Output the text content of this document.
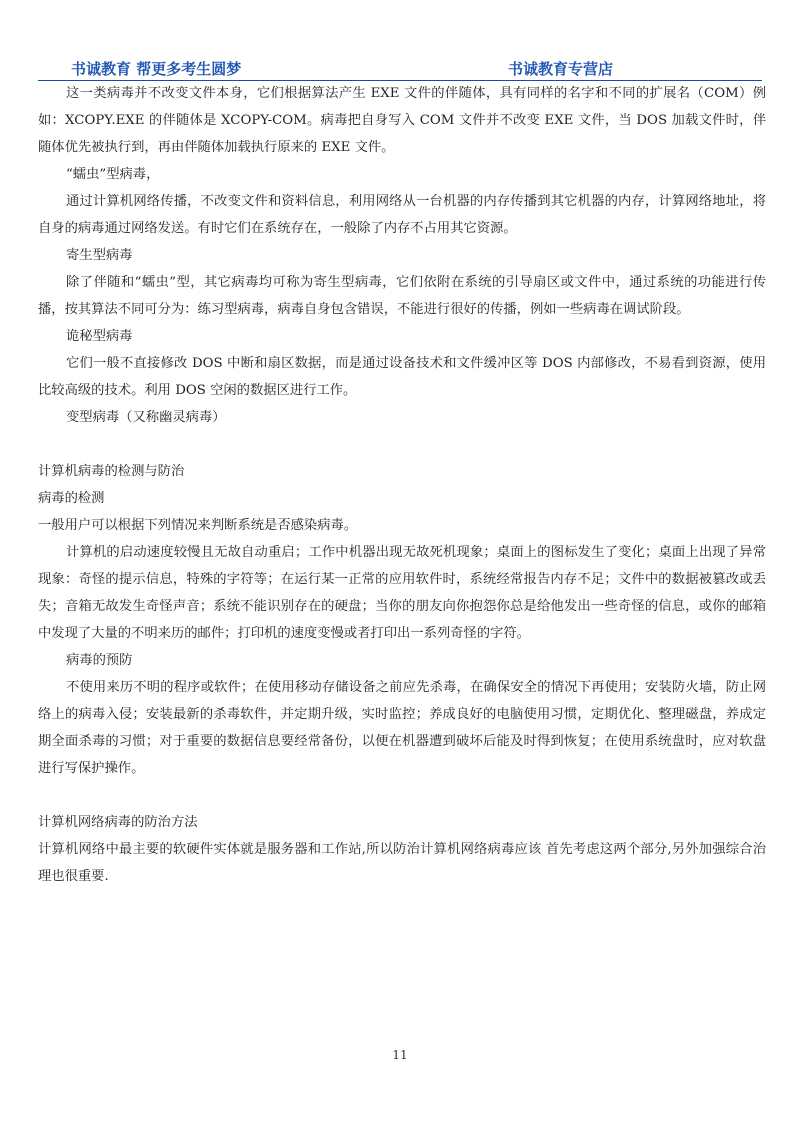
书诚教育 帮更多考生圆梦	书诚教育专营店

这一类病毒并不改变文件本身，它们根据算法产生 EXE 文件的伴随体，具有同样的名字和不同的扩展名（COM）例如：XCOPY.EXE 的伴随体是 XCOPY-COM。病毒把自身写入 COM 文件并不改变 EXE 文件，当 DOS 加载文件时，伴随体优先被执行到，再由伴随体加载执行原来的 EXE 文件。

“蠕虫”型病毒，

通过计算机网络传播，不改变文件和资料信息，利用网络从一台机器的内存传播到其它机器的内存，计算网络地址，将自身的病毒通过网络发送。有时它们在系统存在，一般除了内存不占用其它资源。

寄生型病毒

除了伴随和“蠕虫”型，其它病毒均可称为寄生型病毒，它们依附在系统的引导扇区或文件中，通过系统的功能进行传播，按其算法不同可分为：练习型病毒，病毒自身包含错误，不能进行很好的传播，例如一些病毒在调试阶段。

诡秘型病毒

它们一般不直接修改 DOS 中断和扇区数据，而是通过设备技术和文件缓冲区等 DOS 内部修改，不易看到资源，使用比较高级的技术。利用 DOS 空闲的数据区进行工作。

变型病毒（又称幽灵病毒）

计算机病毒的检测与防治

病毒的检测

一般用户可以根据下列情况来判断系统是否感染病毒。

计算机的启动速度较慢且无故自动重启；工作中机器出现无故死机现象；桌面上的图标发生了变化；桌面上出现了异常现象：奇怪的提示信息，特殊的字符等；在运行某一正常的应用软件时，系统经常报告内存不足；文件中的数据被篡改或丢失；音箱无故发生奇怪声音；系统不能识别存在的硬盘；当你的朋友向你抱怨你总是给他发出一些奇怪的信息，或你的邮箱中发现了大量的不明来历的邮件；打印机的速度变慢或者打印出一系列奇怪的字符。

病毒的预防

不使用来历不明的程序或软件；在使用移动存储设备之前应先杀毒，在确保安全的情况下再使用；安装防火墙，防止网络上的病毒入侵；安装最新的杀毒软件，并定期升级，实时监控；养成良好的电脑使用习惯，定期优化、整理磁盘，养成定期全面杀毒的习惯；对于重要的数据信息要经常备份，以便在机器遭到破坏后能及时得到恢复；在使用系统盘时，应对软盘进行写保护操作。

计算机网络病毒的防治方法

计算机网络中最主要的软硬件实体就是服务器和工作站,所以防治计算机网络病毒应该 首先考虑这两个部分,另外加强综合治理也很重要.

11
